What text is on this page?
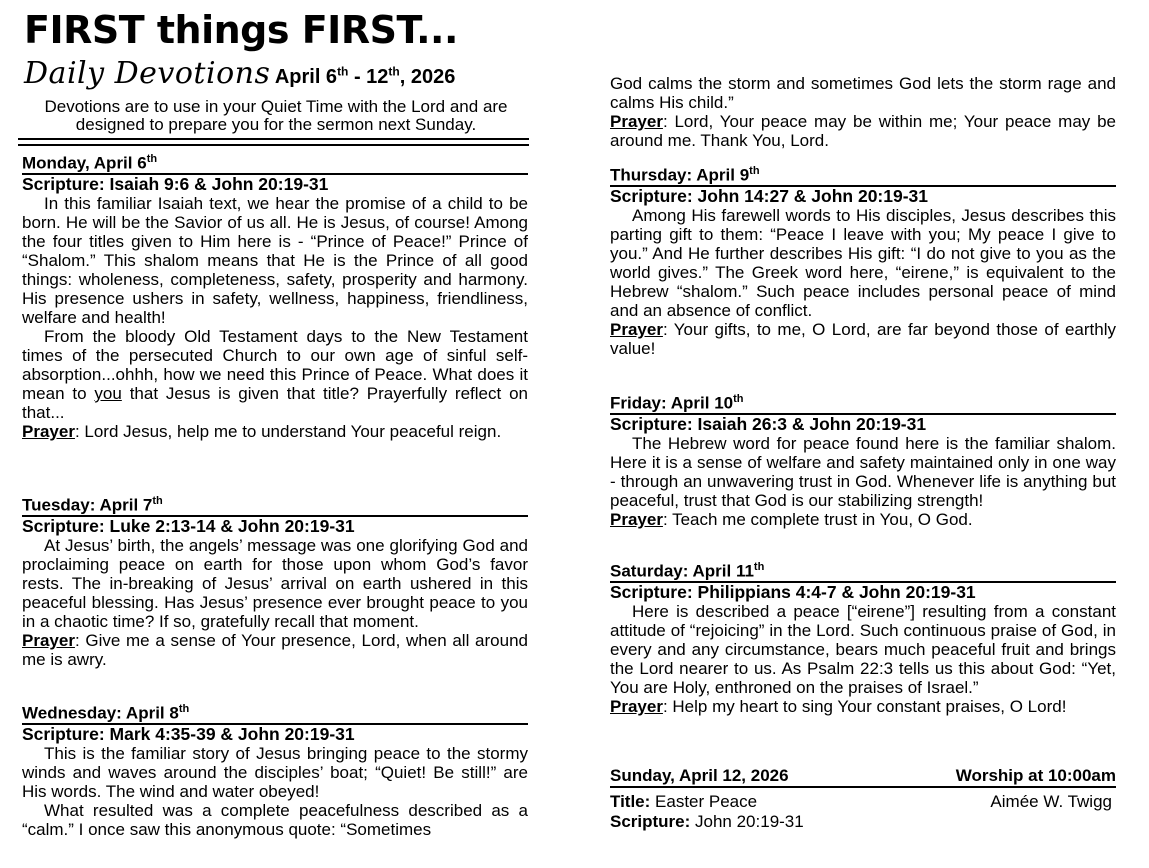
FIRST things FIRST...
Daily Devotions April 6th - 12th, 2026
Devotions are to use in your Quiet Time with the Lord and are designed to prepare you for the sermon next Sunday.
Monday, April 6th
Scripture: Isaiah 9:6 & John 20:19-31
In this familiar Isaiah text, we hear the promise of a child to be born. He will be the Savior of us all. He is Jesus, of course! Among the four titles given to Him here is - “Prince of Peace!” Prince of “Shalom.” This shalom means that He is the Prince of all good things: wholeness, completeness, safety, prosperity and harmony. His presence ushers in safety, wellness, happiness, friendliness, welfare and health!
From the bloody Old Testament days to the New Testament times of the persecuted Church to our own age of sinful self-absorption...ohhh, how we need this Prince of Peace. What does it mean to you that Jesus is given that title? Prayerfully reflect on that...
Prayer: Lord Jesus, help me to understand Your peaceful reign.
Tuesday: April 7th
Scripture: Luke 2:13-14 & John 20:19-31
At Jesus’ birth, the angels’ message was one glorifying God and proclaiming peace on earth for those upon whom God’s favor rests. The in-breaking of Jesus’ arrival on earth ushered in this peaceful blessing. Has Jesus’ presence ever brought peace to you in a chaotic time? If so, gratefully recall that moment.
Prayer: Give me a sense of Your presence, Lord, when all around me is awry.
Wednesday: April 8th
Scripture: Mark 4:35-39 & John 20:19-31
This is the familiar story of Jesus bringing peace to the stormy winds and waves around the disciples’ boat; “Quiet! Be still!” are His words. The wind and water obeyed!
What resulted was a complete peacefulness described as a “calm.” I once saw this anonymous quote: “Sometimes
God calms the storm and sometimes God lets the storm rage and calms His child.”
Prayer: Lord, Your peace may be within me; Your peace may be around me. Thank You, Lord.
Thursday: April 9th
Scripture: John 14:27 & John 20:19-31
Among His farewell words to His disciples, Jesus describes this parting gift to them: “Peace I leave with you; My peace I give to you.” And He further describes His gift: “I do not give to you as the world gives.” The Greek word here, “eirene,” is equivalent to the Hebrew “shalom.” Such peace includes personal peace of mind and an absence of conflict.
Prayer: Your gifts, to me, O Lord, are far beyond those of earthly value!
Friday: April 10th
Scripture: Isaiah 26:3 & John 20:19-31
The Hebrew word for peace found here is the familiar shalom. Here it is a sense of welfare and safety maintained only in one way - through an unwavering trust in God. Whenever life is anything but peaceful, trust that God is our stabilizing strength!
Prayer: Teach me complete trust in You, O God.
Saturday: April 11th
Scripture: Philippians 4:4-7 & John 20:19-31
Here is described a peace [“eirene”] resulting from a constant attitude of “rejoicing” in the Lord. Such continuous praise of God, in every and any circumstance, bears much peaceful fruit and brings the Lord nearer to us. As Psalm 22:3 tells us this about God: “Yet, You are Holy, enthroned on the praises of Israel.”
Prayer: Help my heart to sing Your constant praises, O Lord!
Sunday, April 12, 2026	Worship at 10:00am
Title: Easter Peace	Aimée W. Twigg
Scripture: John 20:19-31
